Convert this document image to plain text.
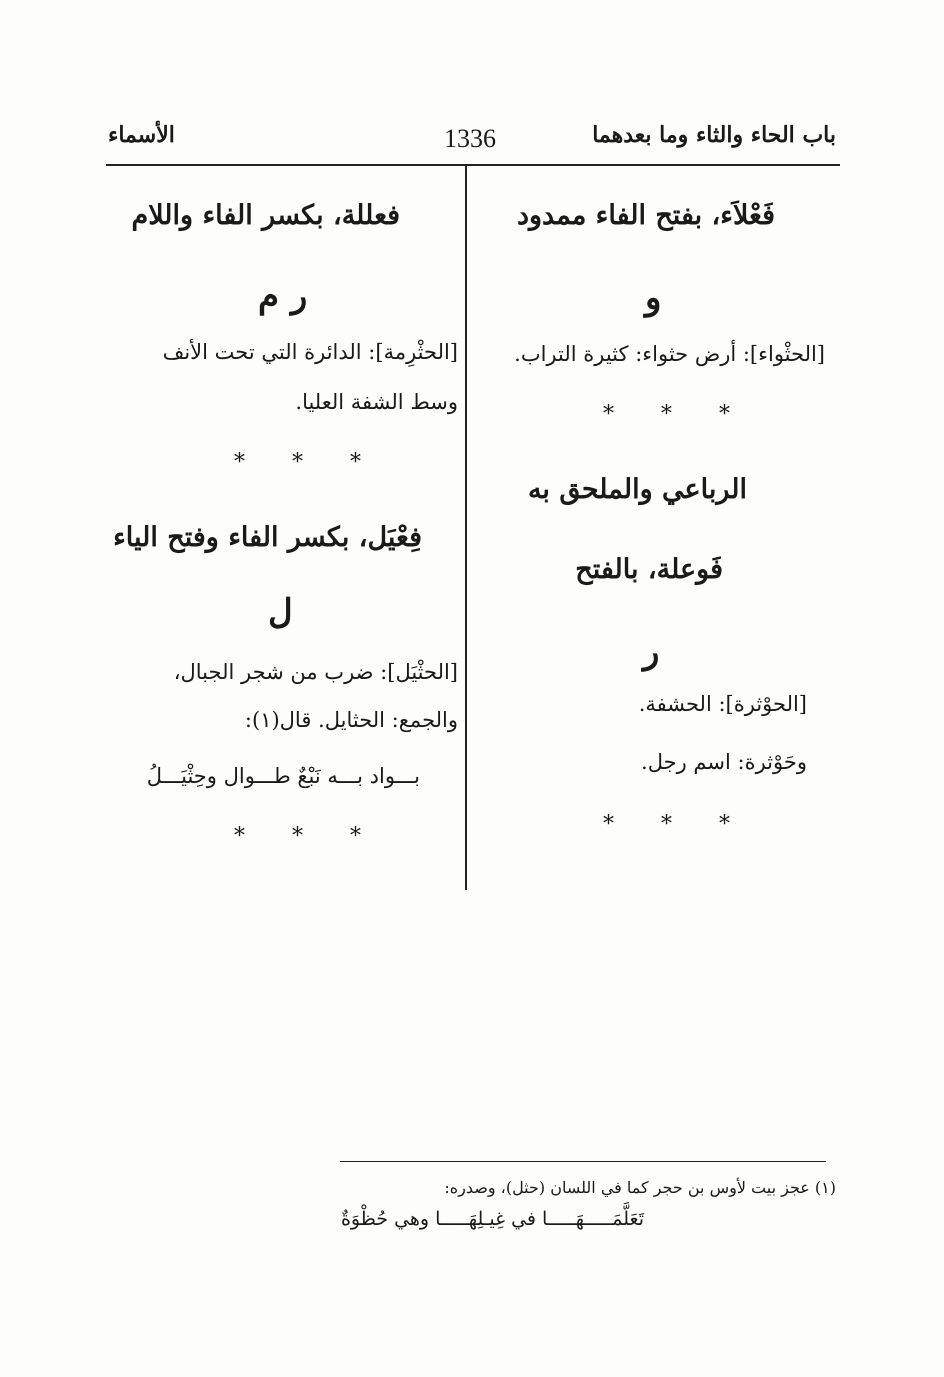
باب الحاء والثاء وما بعدهما
1336
الأسماء
فَعْلاَء، بفتح الفاء ممدود
و
[الحثْواء]: أرض حثواء: كثيرة التراب.
* * *
الرباعي والملحق به
فَوعلة، بالفتح
ر
[الحوْثرة]: الحشفة.
وحَوْثرة: اسم رجل.
* * *
فعللة، بكسر الفاء واللام
ر م
[الحثْرِمة]: الدائرة التي تحت الأنف
وسط الشفة العليا.
* * *
فِعْيَل، بكسر الفاء وفتح الياء
ل
[الحثْيَل]: ضرب من شجر الجبال،
والجمع: الحثايل. قال(١):
بـــواد بـــه نَبْعٌ طـــوال وحِثْيَـــلُ
* * *
(١) عجز بيت لأوس بن حجر كما في اللسان (حثل)، وصدره:
تَعَلَّمَـــــهَـــــا في غِيـلِهَـــــا وهي حُظْوَةٌ
